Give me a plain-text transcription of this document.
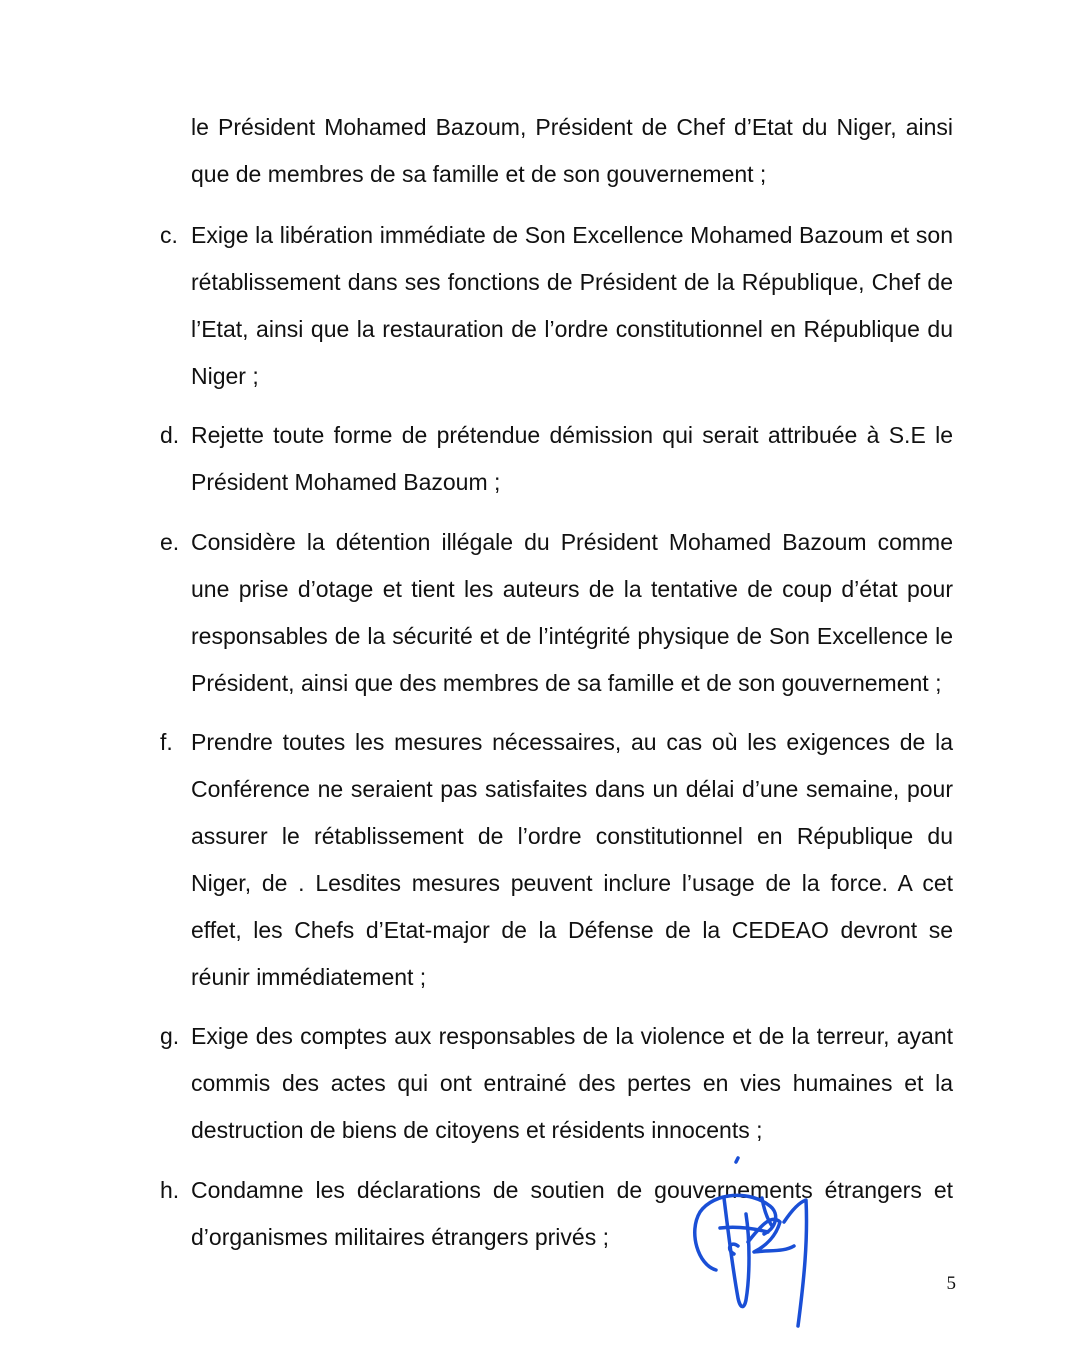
le Président Mohamed Bazoum, Président de Chef d’Etat du Niger, ainsi que de membres de sa famille et de son gouvernement ;

c. Exige la libération immédiate de Son Excellence Mohamed Bazoum et son rétablissement dans ses fonctions de Président de la République, Chef de l’Etat, ainsi que la restauration de l’ordre constitutionnel en République du Niger ;

d. Rejette toute forme de prétendue démission qui serait attribuée à S.E le Président Mohamed Bazoum ;

e. Considère la détention illégale du Président Mohamed Bazoum comme une prise d’otage et tient les auteurs de la tentative de coup d’état pour responsables de la sécurité et de l’intégrité physique de Son Excellence le Président, ainsi que des membres de sa famille et de son gouvernement ;

f. Prendre toutes les mesures nécessaires, au cas où les exigences de la Conférence ne seraient pas satisfaites dans un délai d’une semaine, pour assurer le rétablissement de l’ordre constitutionnel en République du Niger, de . Lesdites mesures peuvent inclure l’usage de la force. A cet effet, les Chefs d’Etat-major de la Défense de la CEDEAO devront se réunir immédiatement ;

g. Exige des comptes aux responsables de la violence et de la terreur, ayant commis des actes qui ont entrainé des pertes en vies humaines et la destruction de biens de citoyens et résidents innocents ;

h. Condamne les déclarations de soutien de gouvernements étrangers et d’organismes militaires étrangers privés ;

5
